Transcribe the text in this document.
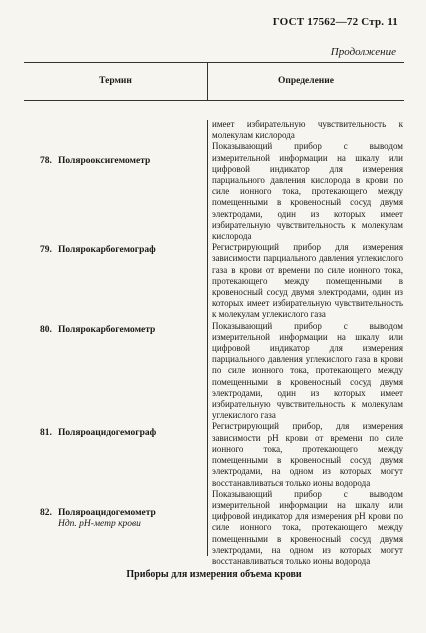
ГОСТ 17562—72 Стр. 11
Продолжение
Термин	Определение
78. Полярооксигемометр
79. Полярокарбогемограф
80. Полярокарбогемометр
81. Поляроацидогемограф
82. Поляроацидогемометр
Ндп. рН-метр крови

имеет избирательную чувствительность к молекулам кислорода

Показывающий прибор с выводом измерительной информации на шкалу или цифровой индикатор для измерения парциального давления кислорода в крови по силе ионного тока, протекающего между помещенными в кровеносный сосуд двумя электродами, один из которых имеет избирательную чувствительность к молекулам кислорода

Регистрирующий прибор для измерения зависимости парциального давления углекислого газа в крови от времени по силе ионного тока, протекающего между помещенными в кровеносный сосуд двумя электродами, один из которых имеет избирательную чувствительность к молекулам углекислого газа

Показывающий прибор с выводом измерительной информации на шкалу или цифровой индикатор для измерения парциального давления углекислого газа в крови по силе ионного тока, протекающего между помещенными в кровеносный сосуд двумя электродами, один из которых имеет избирательную чувствительность к молекулам углекислого газа

Регистрирующий прибор, для измерения зависимости рН крови от времени по силе ионного тока, протекающего между помещенными в кровеносный сосуд двумя электродами, на одном из которых могут восстанавливаться только ионы водорода

Показывающий прибор с выводом измерительной информации на шкалу или цифровой индикатор для измерения рН крови по силе ионного тока, протекающего между помещенными в кровеносный сосуд двумя электродами, на одном из которых могут восстанавливаться только ионы водорода

Приборы для измерения объема крови
